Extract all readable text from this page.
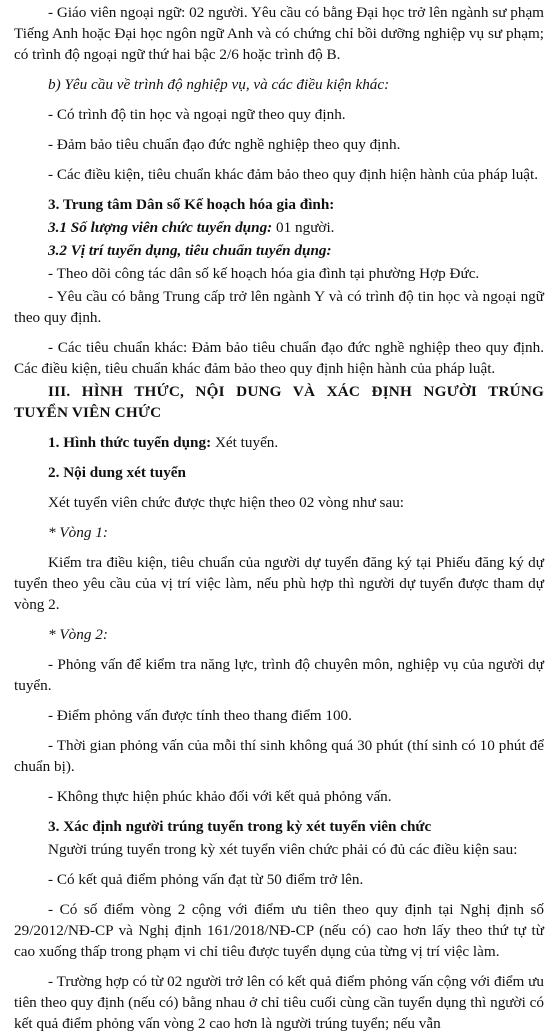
- Giáo viên ngoại ngữ: 02 người. Yêu cầu có bằng Đại học trở lên ngành sư phạm Tiếng Anh hoặc Đại học ngôn ngữ Anh và có chứng chỉ bồi dưỡng nghiệp vụ sư phạm; có trình độ ngoại ngữ thứ hai bậc 2/6 hoặc trình độ B.

b) Yêu cầu về trình độ nghiệp vụ, và các điều kiện khác:

- Có trình độ tin học và ngoại ngữ theo quy định.

- Đảm bảo tiêu chuẩn đạo đức nghề nghiệp theo quy định.

- Các điều kiện, tiêu chuẩn khác đảm bảo theo quy định hiện hành của pháp luật.

3. Trung tâm Dân số Kế hoạch hóa gia đình:

3.1 Số lượng viên chức tuyển dụng: 01 người.

3.2 Vị trí tuyển dụng, tiêu chuẩn tuyển dụng:

- Theo dõi công tác dân số kế hoạch hóa gia đình tại phường Hợp Đức.

- Yêu cầu có bằng Trung cấp trở lên ngành Y và có trình độ tin học và ngoại ngữ theo quy định.

- Các tiêu chuẩn khác: Đảm bảo tiêu chuẩn đạo đức nghề nghiệp theo quy định. Các điều kiện, tiêu chuẩn khác đảm bảo theo quy định hiện hành của pháp luật.

III. HÌNH THỨC, NỘI DUNG VÀ XÁC ĐỊNH NGƯỜI TRÚNG
TUYỂN VIÊN CHỨC

1. Hình thức tuyển dụng: Xét tuyển.

2. Nội dung xét tuyển

Xét tuyển viên chức được thực hiện theo 02 vòng như sau:

* Vòng 1:

Kiểm tra điều kiện, tiêu chuẩn của người dự tuyển đăng ký tại Phiếu đăng ký dự tuyển theo yêu cầu của vị trí việc làm, nếu phù hợp thì người dự tuyển được tham dự vòng 2.

* Vòng 2:

- Phỏng vấn để kiểm tra năng lực, trình độ chuyên môn, nghiệp vụ của người dự tuyển.

- Điểm phỏng vấn được tính theo thang điểm 100.

- Thời gian phỏng vấn của mỗi thí sinh không quá 30 phút (thí sinh có 10 phút để chuẩn bị).

- Không thực hiện phúc khảo đối với kết quả phỏng vấn.

3. Xác định người trúng tuyển trong kỳ xét tuyển viên chức

Người trúng tuyển trong kỳ xét tuyển viên chức phải có đủ các điều kiện sau:

- Có kết quả điểm phỏng vấn đạt từ 50 điểm trở lên.

- Có số điểm vòng 2 cộng với điểm ưu tiên theo quy định tại Nghị định số 29/2012/NĐ-CP và Nghị định 161/2018/NĐ-CP (nếu có) cao hơn lấy theo thứ tự từ cao xuống thấp trong phạm vi chỉ tiêu được tuyển dụng của từng vị trí việc làm.

- Trường hợp có từ 02 người trở lên có kết quả điểm phỏng vấn cộng với điểm ưu tiên theo quy định (nếu có) bằng nhau ở chỉ tiêu cuối cùng cần tuyển dụng thì người có kết quả điểm phỏng vấn vòng 2 cao hơn là người trúng tuyển; nếu vẫn
